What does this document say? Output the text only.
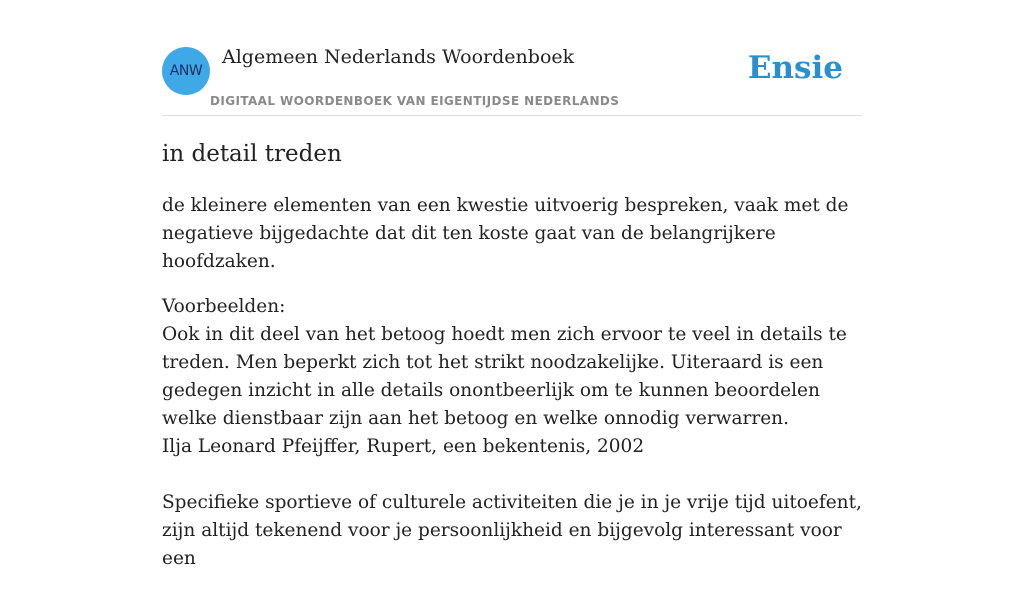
ANW
Algemeen Nederlands Woordenboek
DIGITAAL WOORDENBOEK VAN EIGENTIJDSE NEDERLANDS
Ensie
in detail treden

de kleinere elementen van een kwestie uitvoerig bespreken, vaak met de negatieve bijgedachte dat dit ten koste gaat van de belangrijkere hoofdzaken.

Voorbeelden:

Ook in dit deel van het betoog hoedt men zich ervoor te veel in details te treden. Men beperkt zich tot het strikt noodzakelijke. Uiteraard is een gedegen inzicht in alle details onontbeerlijk om te kunnen beoordelen welke dienstbaar zijn aan het betoog en welke onnodig verwarren.

Ilja Leonard Pfeijffer, Rupert, een bekentenis, 2002

Specifieke sportieve of culturele activiteiten die je in je vrije tijd uitoefent, zijn altijd tekenend voor je persoonlijkheid en bijgevolg interessant voor een
